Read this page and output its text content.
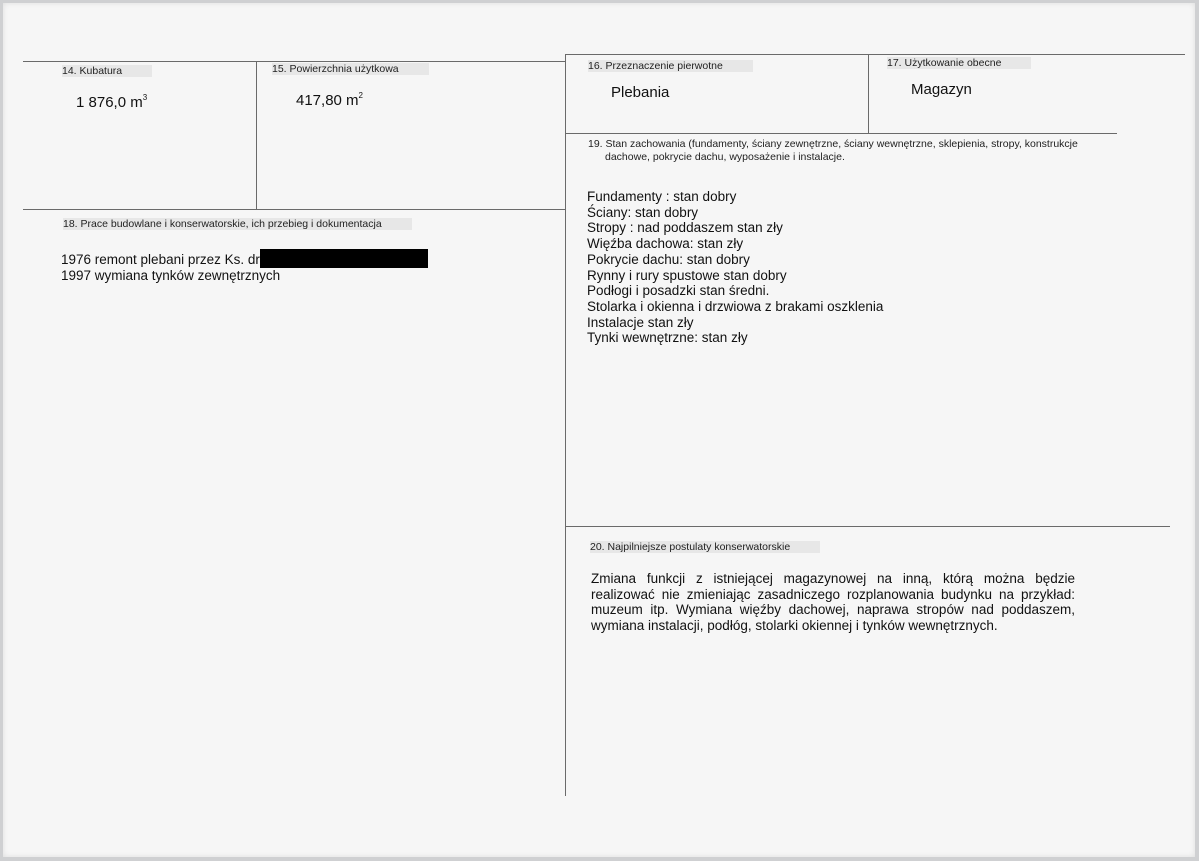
14. Kubatura
1 876,0 $m^3$
15. Powierzchnia użytkowa
417,80 $m^2$
16. Przeznaczenie pierwotne
Plebania
17. Użytkowanie obecne
Magazyn
18. Prace budowlane i konserwatorskie, ich przebieg i dokumentacja
1976 remont plebani przez Ks. dr
1997 wymiana tynków zewnętrznych
19. Stan zachowania (fundamenty, ściany zewnętrzne, ściany wewnętrzne, sklepienia, stropy, konstrukcje
dachowe, pokrycie dachu, wyposażenie i instalacje.
Fundamenty : stan dobry
Ściany: stan dobry
Stropy : nad poddaszem stan zły
Więźba dachowa: stan zły
Pokrycie dachu: stan dobry
Rynny i rury spustowe stan dobry
Podłogi i posadzki stan średni.
Stolarka i okienna i drzwiowa z brakami oszklenia
Instalacje stan zły
Tynki wewnętrzne: stan zły
20. Najpilniejsze postulaty konserwatorskie
Zmiana funkcji z istniejącej magazynowej na inną, którą można będzie realizować nie zmieniając zasadniczego rozplanowania budynku na przykład: muzeum itp. Wymiana więźby dachowej, naprawa stropów nad poddaszem, wymiana instalacji, podłóg, stolarki okiennej i tynków wewnętrznych.
